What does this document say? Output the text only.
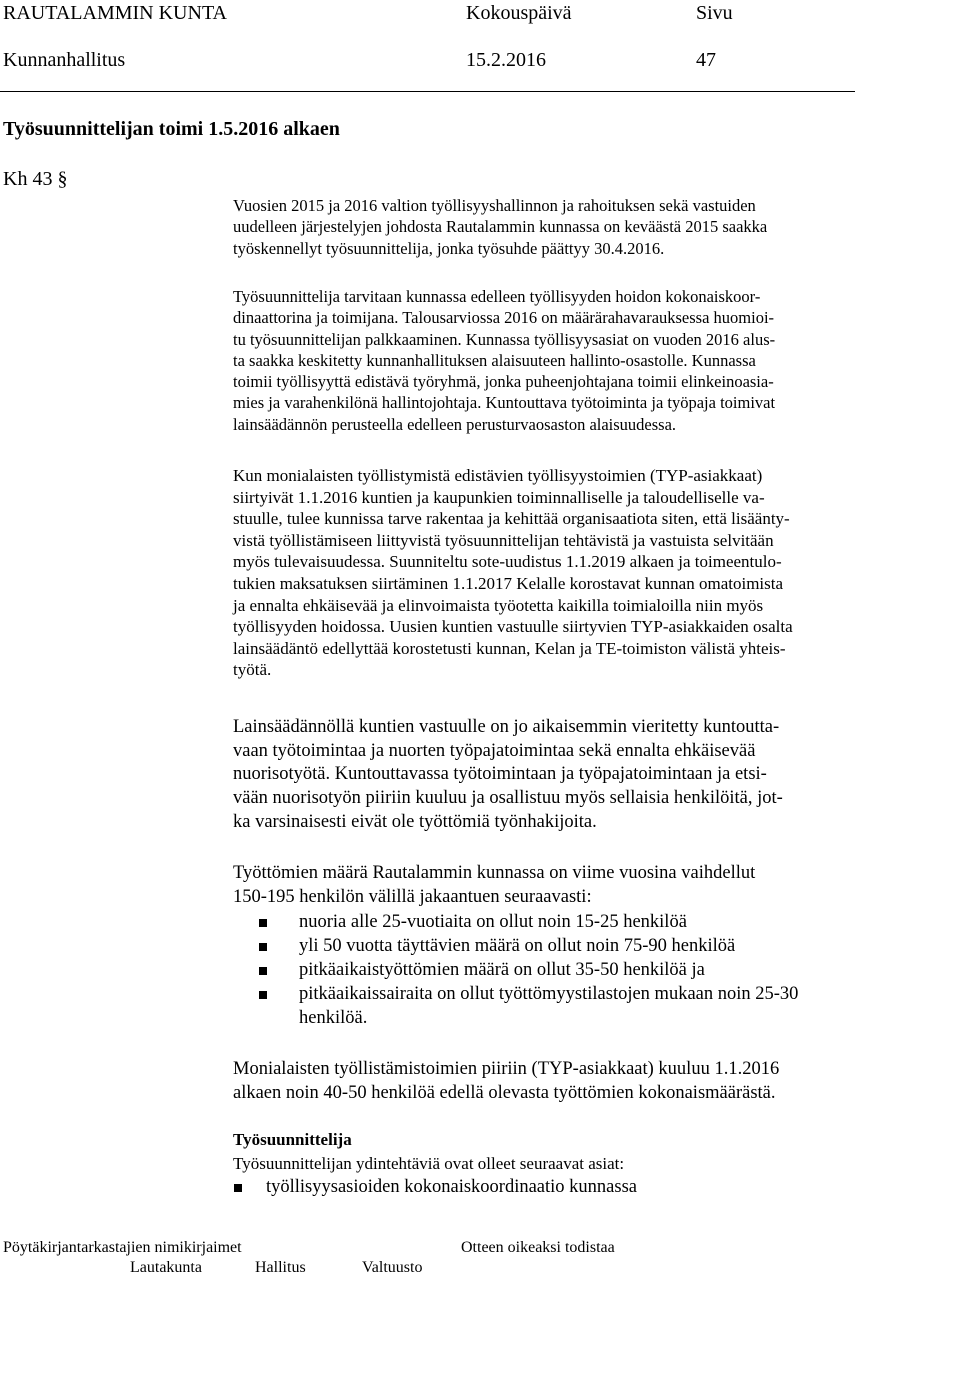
RAUTALAMMIN KUNTA	Kokouspäivä	Sivu
Kunnanhallitus	15.2.2016	47
Työsuunnittelijan toimi 1.5.2016 alkaen
Kh 43 §
Vuosien 2015 ja 2016 valtion työllisyyshallinnon ja rahoituksen sekä vastuiden
uudelleen järjestelyjen johdosta Rautalammin kunnassa on keväästä 2015 saakka
työskennellyt työsuunnittelija, jonka työsuhde päättyy 30.4.2016.
Työsuunnittelija tarvitaan kunnassa edelleen työllisyyden hoidon kokonaiskoor-
dinaattorina ja toimijana. Talousarviossa 2016 on määrärahavarauksessa huomioi-
tu työsuunnittelijan palkkaaminen. Kunnassa työllisyysasiat on vuoden 2016 alus-
ta saakka keskitetty kunnanhallituksen alaisuuteen hallinto-osastolle. Kunnassa
toimii työllisyyttä edistävä työryhmä, jonka puheenjohtajana toimii elinkeinoasia-
mies ja varahenkilönä hallintojohtaja. Kuntouttava työtoiminta ja työpaja toimivat
lainsäädännön perusteella edelleen perusturvaosaston alaisuudessa.
Kun monialaisten työllistymistä edistävien työllisyystoimien (TYP-asiakkaat)
siirtyivät 1.1.2016 kuntien ja kaupunkien toiminnalliselle ja taloudelliselle va-
stuulle, tulee kunnissa tarve rakentaa ja kehittää organisaatiota siten, että lisäänty-
vistä työllistämiseen liittyvistä työsuunnittelijan tehtävistä ja vastuista selvitään
myös tulevaisuudessa. Suunniteltu sote-uudistus 1.1.2019 alkaen ja toimeentulo-
tukien maksatuksen siirtäminen 1.1.2017 Kelalle korostavat kunnan omatoimista
ja ennalta ehkäisevää ja elinvoimaista työotetta kaikilla toimialoilla niin myös
työllisyyden hoidossa. Uusien kuntien vastuulle siirtyvien TYP-asiakkaiden osalta
lainsäädäntö edellyttää korostetusti kunnan, Kelan ja TE-toimiston välistä yhteis-
työtä.
Lainsäädännöllä kuntien vastuulle on jo aikaisemmin vieritetty kuntoutta-
vaan työtoimintaa ja nuorten työpajatoimintaa sekä ennalta ehkäisevää
nuorisotyötä. Kuntouttavassa työtoimintaan ja työpajatoimintaan ja etsi-
vään nuorisotyön piiriin kuuluu ja osallistuu myös sellaisia henkilöitä, jot-
ka varsinaisesti eivät ole työttömiä työnhakijoita.
Työttömien määrä Rautalammin kunnassa on viime vuosina vaihdellut
150-195 henkilön välillä jakaantuen seuraavasti:
nuoria alle 25-vuotiaita on ollut noin 15-25 henkilöä
yli 50 vuotta täyttävien määrä on ollut noin 75-90 henkilöä
pitkäaikaistyöttömien määrä on ollut 35-50 henkilöä ja
pitkäaikaissairaita on ollut työttömyystilastojen mukaan noin 25-30
henkilöä.
Monialaisten työllistämistoimien piiriin (TYP-asiakkaat) kuuluu 1.1.2016
alkaen noin 40-50 henkilöä edellä olevasta työttömien kokonaismäärästä.
Työsuunnittelija
Työsuunnittelijan ydintehtäviä ovat olleet seuraavat asiat:
työllisyysasioiden kokonaiskoordinaatio kunnassa
Pöytäkirjantarkastajien nimikirjaimet	Otteen oikeaksi todistaa
Lautakunta	Hallitus	Valtuusto
